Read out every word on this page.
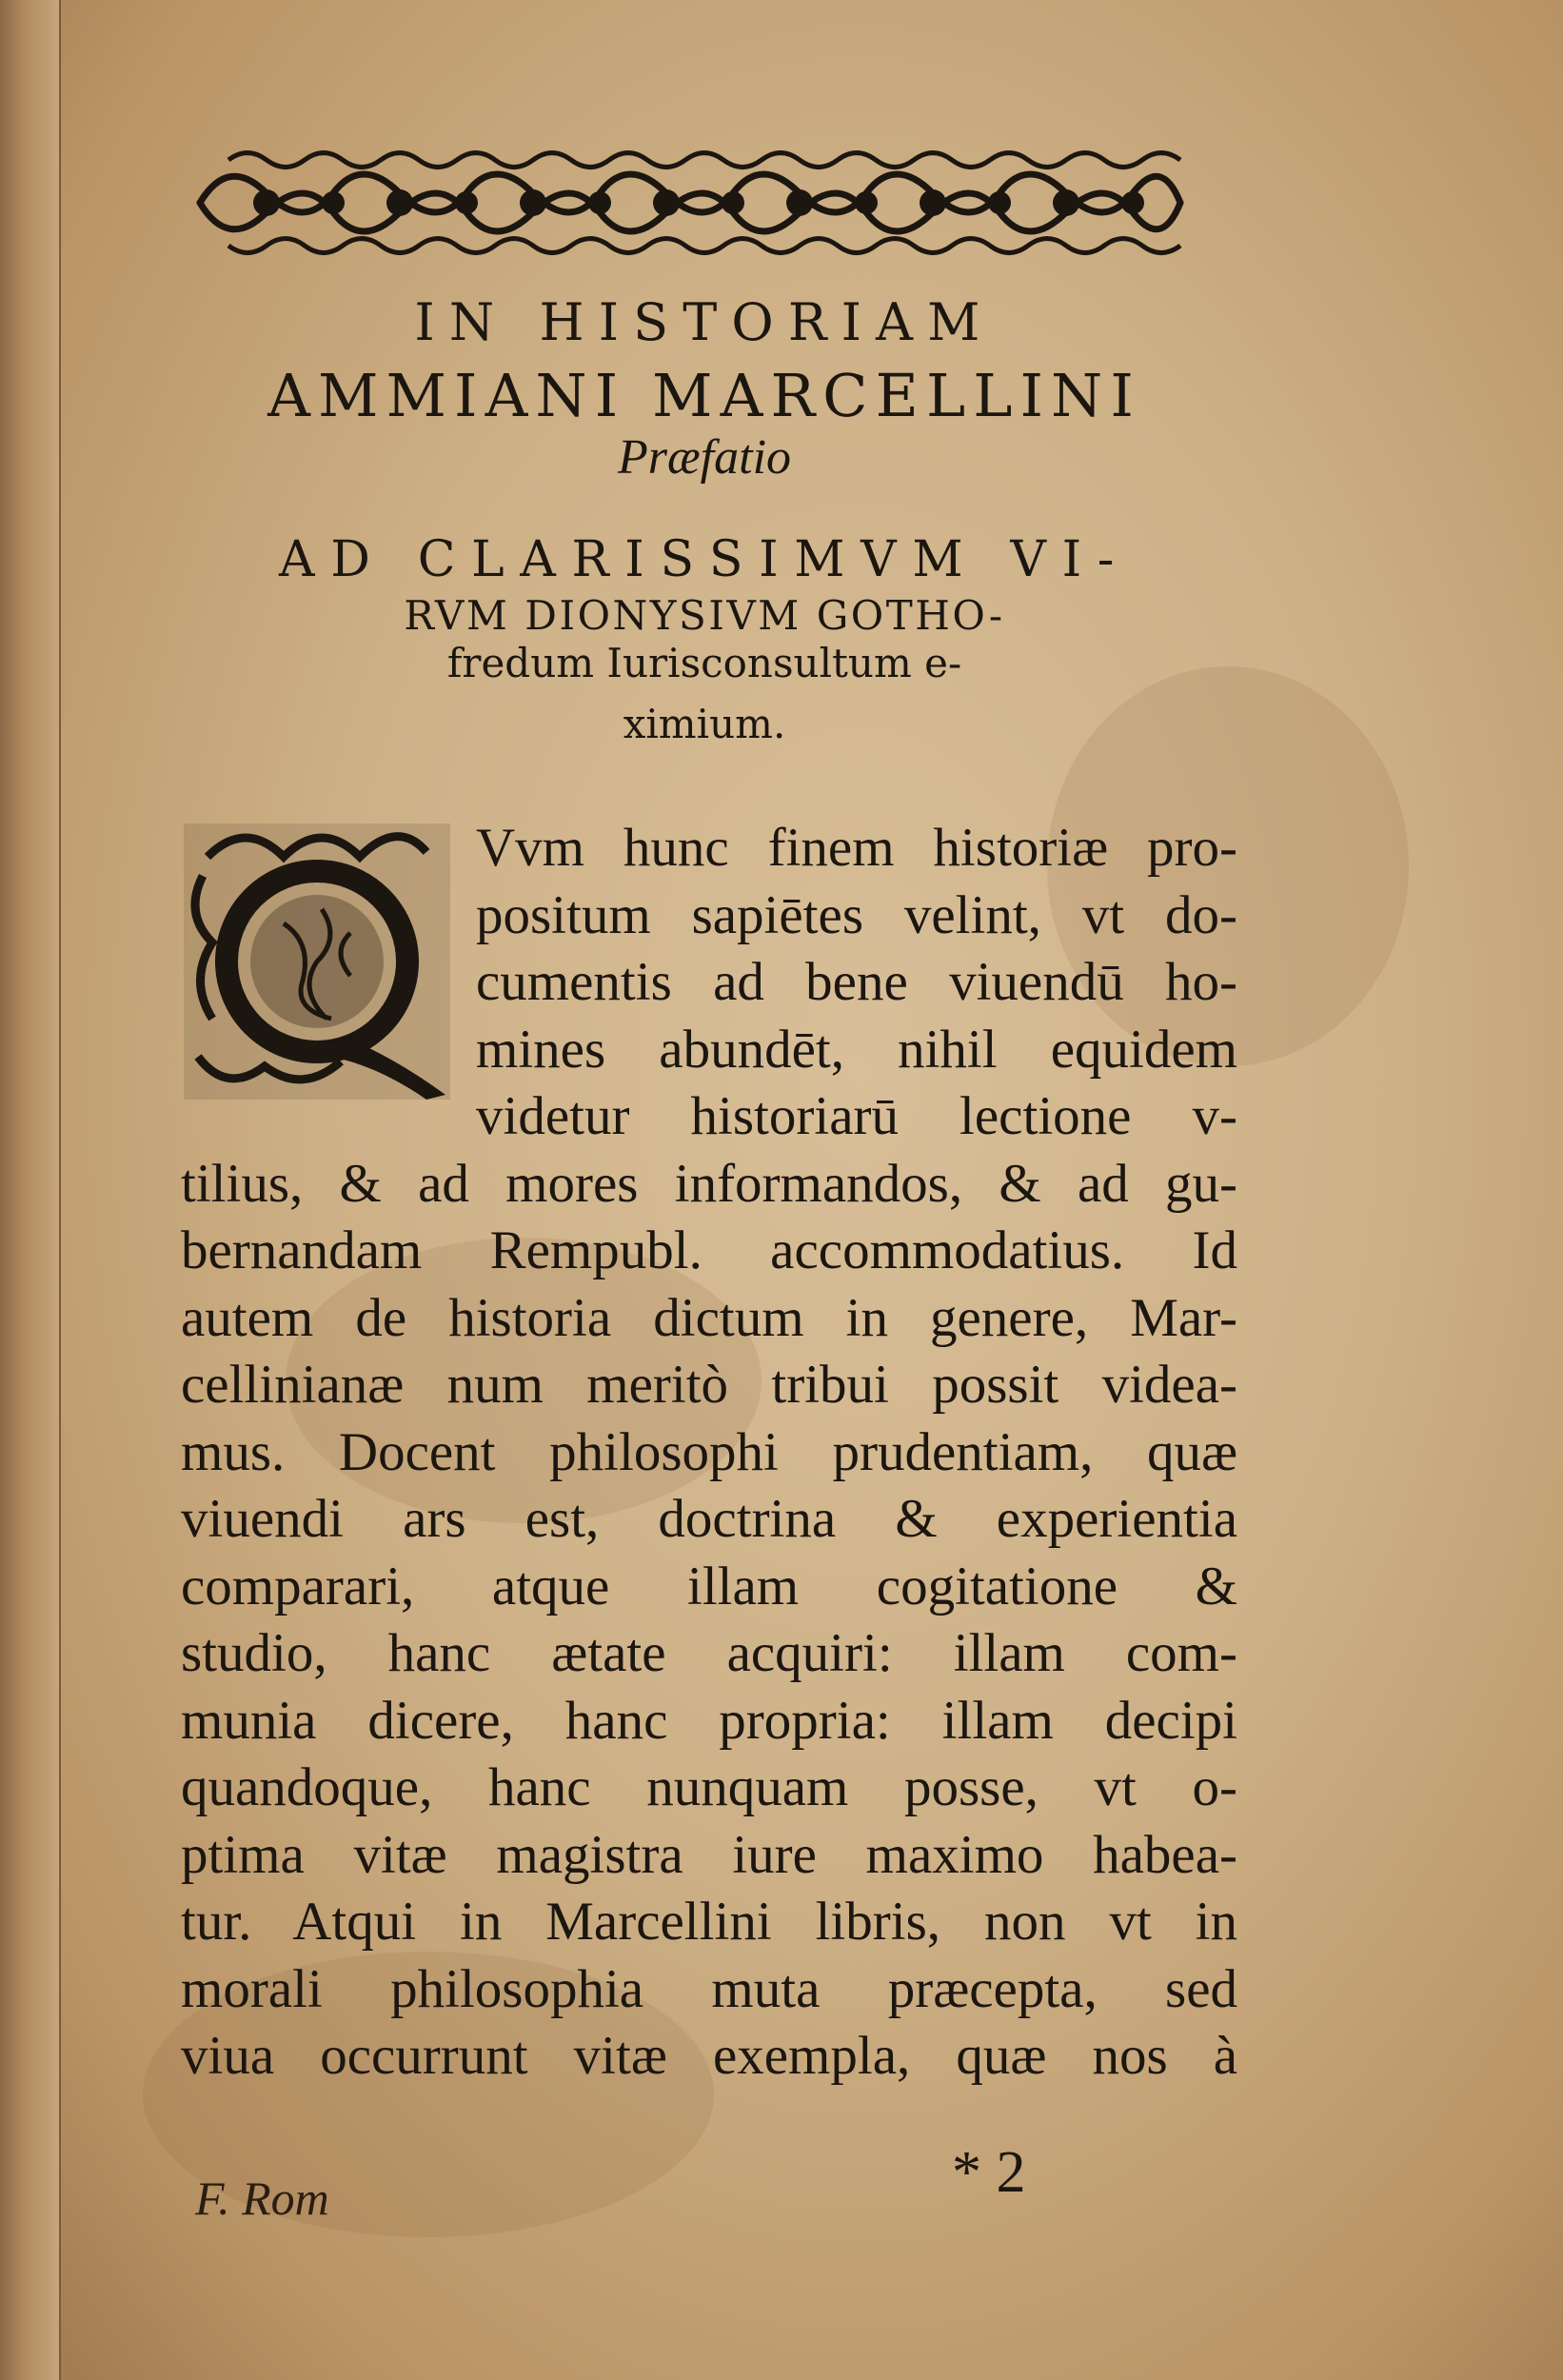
IN HISTORIAM

AMMIANI MARCELLINI

Præfatio

AD CLARISSIMVM VI-

RVM DIONYSIVM GOTHO-

fredum Iurisconsultum e-

ximium.

Vvm hunc finem historiæ pro-

positum sapiētes velint, vt do-

cumentis ad bene viuendū ho-

mines abundēt, nihil equidem

videtur historiarū lectione v-

tilius, & ad mores informandos, & ad gu-

bernandam Rempubl. accommodatius. Id

autem de historia dictum in genere, Mar-

cellinianæ num meritò tribui possit videa-

mus. Docent philosophi prudentiam, quæ

viuendi ars est, doctrina & experientia

comparari, atque illam cogitatione &

studio, hanc ætate acquiri: illam com-

munia dicere, hanc propria: illam decipi

quandoque, hanc nunquam posse, vt o-

ptima vitæ magistra iure maximo habea-

tur. Atqui in Marcellini libris, non vt in

morali philosophia muta præcepta, sed

viua occurrunt vitæ exempla, quæ nos à

* 2

F. Rom
